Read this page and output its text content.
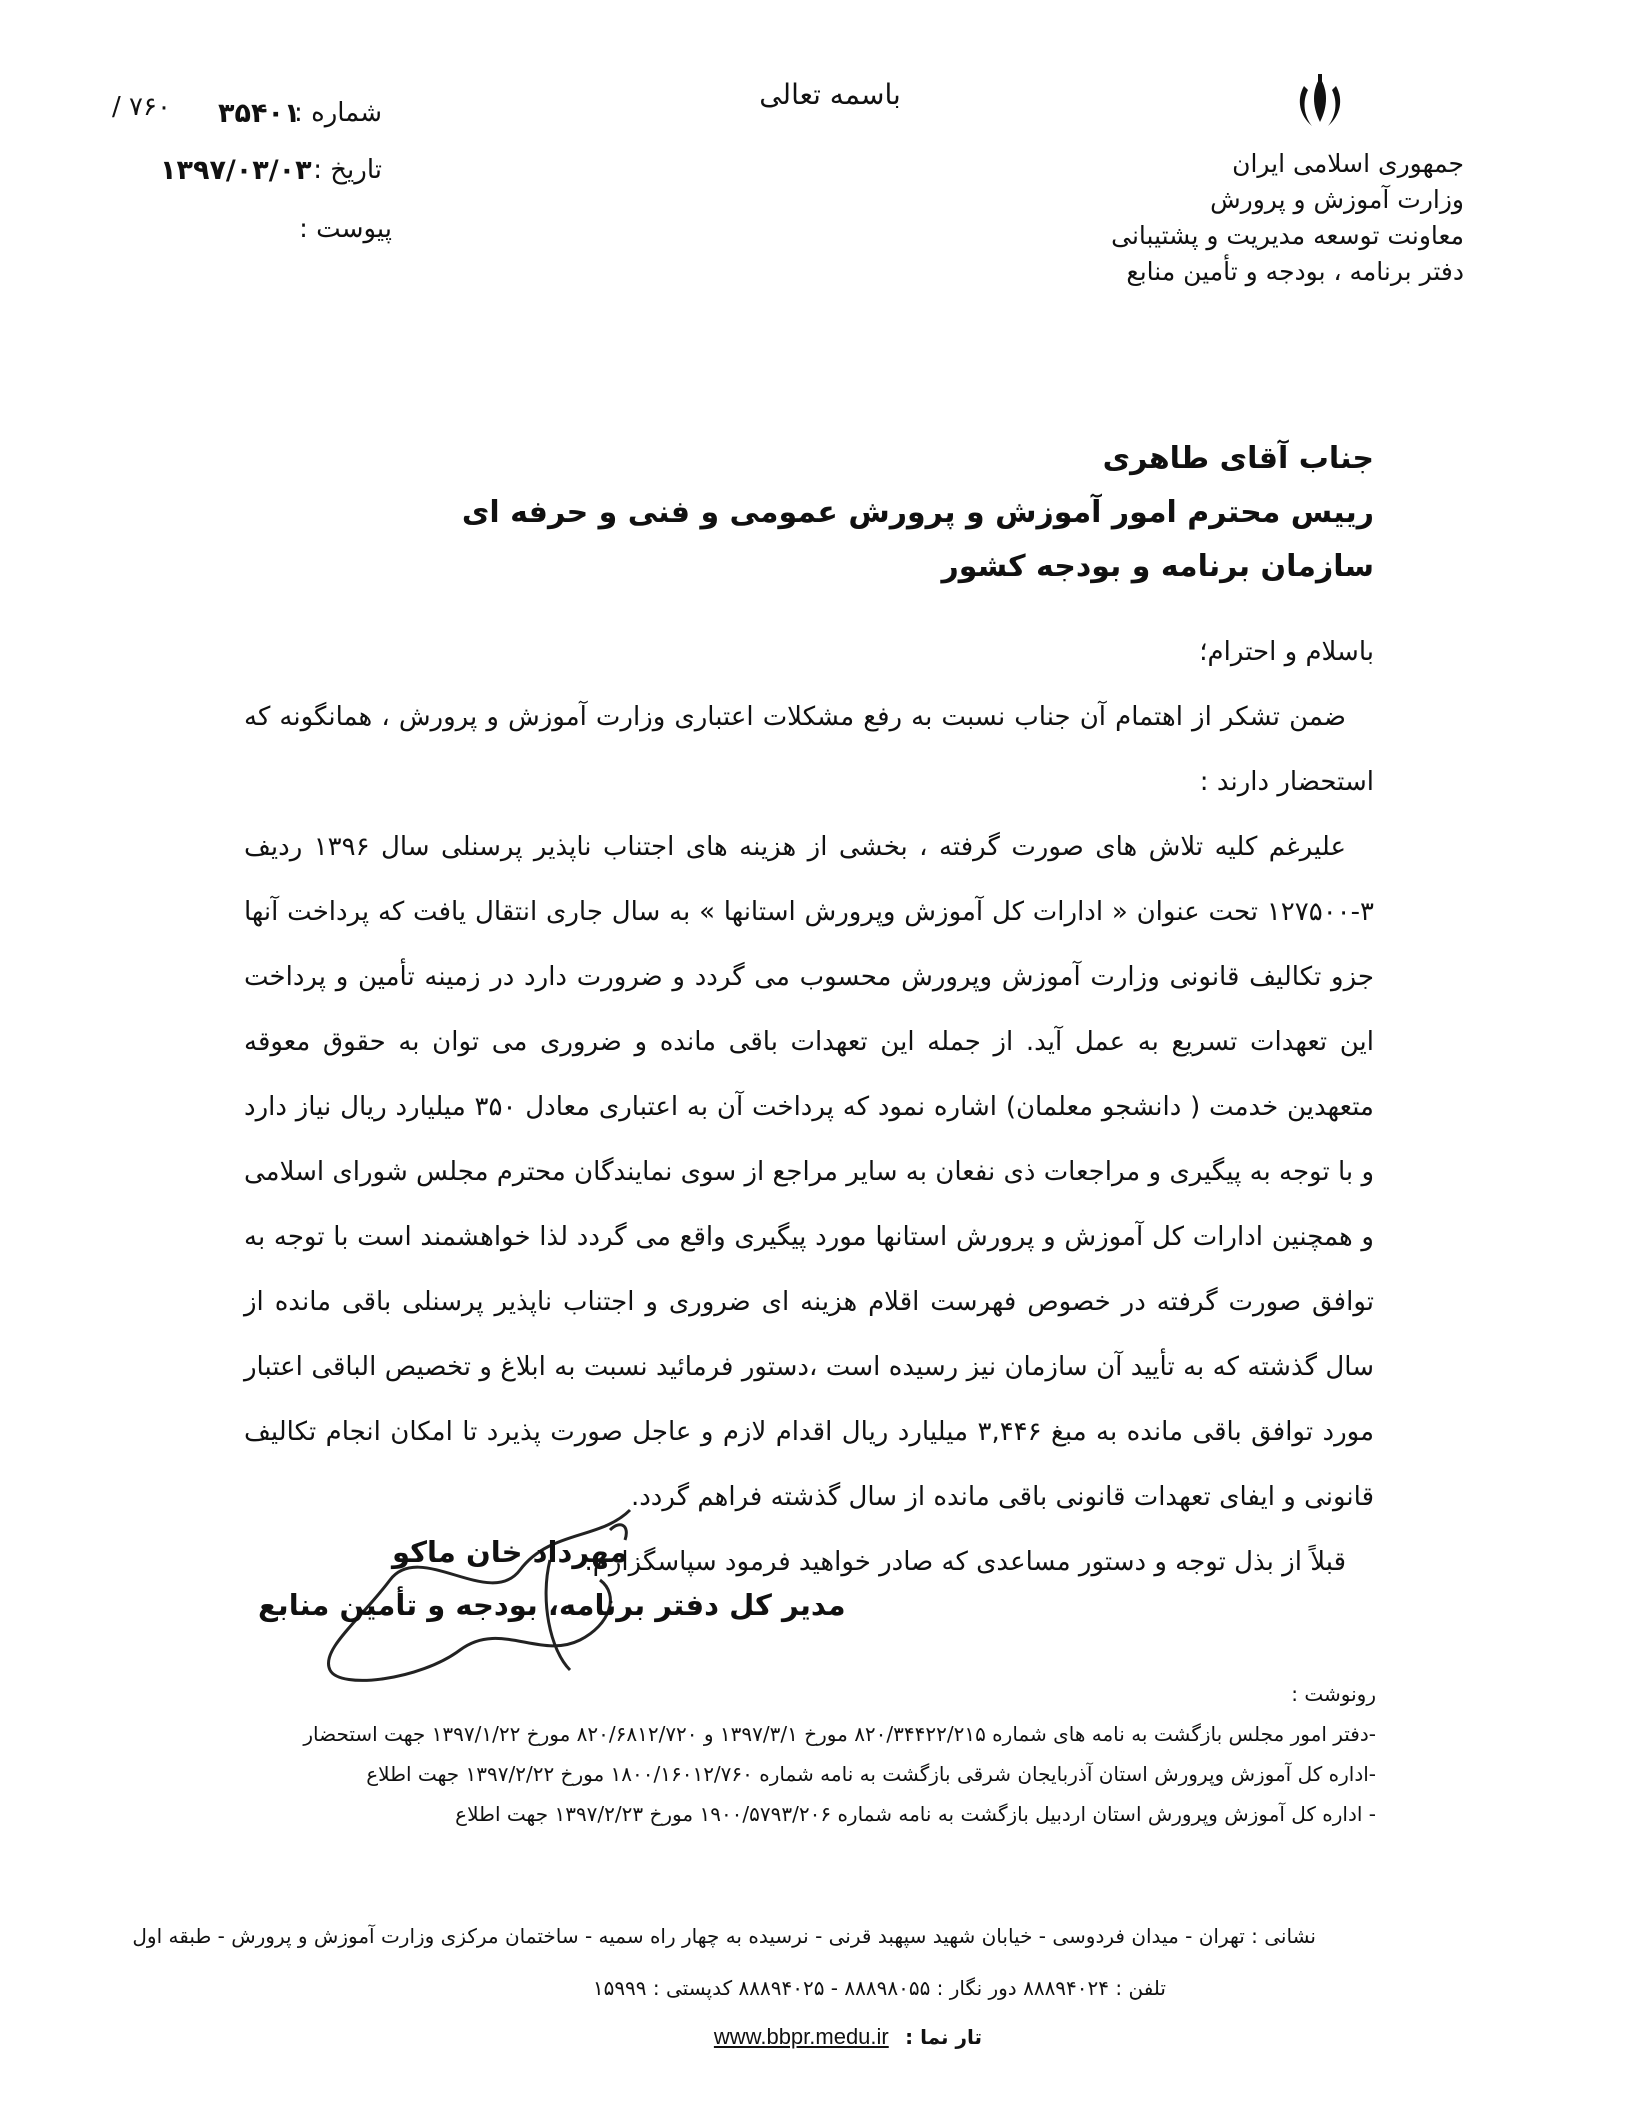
جمهوری اسلامی ایران
وزارت آموزش و پرورش
معاونت توسعه مدیریت و پشتیبانی
دفتر برنامه ، بودجه و تأمین منابع
باسمه تعالی
شماره :
۳۵۴۰۱
/ ۷۶۰
تاریخ :
۱۳۹۷/۰۳/۰۳
پیوست :
جناب آقای طاهری
رییس محترم امور آموزش و پرورش عمومی و فنی و حرفه ای
سازمان برنامه و بودجه کشور

باسلام و احترام؛

ضمن تشکر از اهتمام آن جناب نسبت به رفع مشکلات اعتباری وزارت آموزش و پرورش ، همانگونه که استحضار دارند :

علیرغم کلیه تلاش های صورت گرفته ، بخشی از هزینه های اجتناب ناپذیر پرسنلی سال ۱۳۹۶ ردیف ۳-۱۲۷۵۰۰ تحت عنوان « ادارات کل آموزش وپرورش استانها » به سال جاری انتقال یافت که پرداخت آنها جزو تکالیف قانونی وزارت آموزش وپرورش محسوب می گردد و ضرورت دارد در زمینه تأمین و پرداخت این تعهدات تسریع به عمل آید. از جمله این تعهدات باقی مانده و ضروری می توان به حقوق معوقه متعهدین خدمت ( دانشجو معلمان) اشاره نمود که پرداخت آن به اعتباری معادل ۳۵۰ میلیارد ریال نیاز دارد و با توجه به پیگیری و مراجعات ذی نفعان به سایر مراجع از سوی نمایندگان محترم مجلس شورای اسلامی و همچنین ادارات کل آموزش و پرورش استانها مورد پیگیری واقع می گردد لذا خواهشمند است با توجه به توافق صورت گرفته در خصوص فهرست اقلام هزینه ای ضروری و اجتناب ناپذیر پرسنلی باقی مانده از سال گذشته که به تأیید آن سازمان نیز رسیده است ،دستور فرمائید نسبت به ابلاغ و تخصیص الباقی اعتبار مورد توافق باقی مانده به مبغ ۳,۴۴۶ میلیارد ریال اقدام لازم و عاجل صورت پذیرد تا امکان انجام تکالیف قانونی و ایفای تعهدات قانونی باقی مانده از سال گذشته فراهم گردد.

قبلاً از بذل توجه و دستور مساعدی که صادر خواهید فرمود سپاسگزارم.

مهرداد خان ماکو
مدیر کل دفتر برنامه، بودجه و تأمین منابع
رونوشت :
-دفتر امور مجلس بازگشت به نامه های شماره ۸۲۰/۳۴۴۲۲/۲۱۵ مورخ ۱۳۹۷/۳/۱ و ۸۲۰/۶۸۱۲/۷۲۰ مورخ ۱۳۹۷/۱/۲۲ جهت استحضار
-اداره کل آموزش وپرورش استان آذربایجان شرقی بازگشت به نامه شماره ۱۸۰۰/۱۶۰۱۲/۷۶۰ مورخ ۱۳۹۷/۲/۲۲ جهت اطلاع
- اداره کل آموزش وپرورش استان اردبیل بازگشت به نامه شماره ۱۹۰۰/۵۷۹۳/۲۰۶ مورخ ۱۳۹۷/۲/۲۳ جهت اطلاع
نشانی : تهران - میدان فردوسی - خیابان شهید سپهبد قرنی - نرسیده به چهار راه سمیه - ساختمان مرکزی وزارت آموزش و پرورش - طبقه اول
تلفن : ۸۸۸۹۴۰۲۴ دور نگار : ۸۸۸۹۸۰۵۵ - ۸۸۸۹۴۰۲۵ کدپستی : ۱۵۹۹۹
تار نما : www.bbpr.medu.ir
